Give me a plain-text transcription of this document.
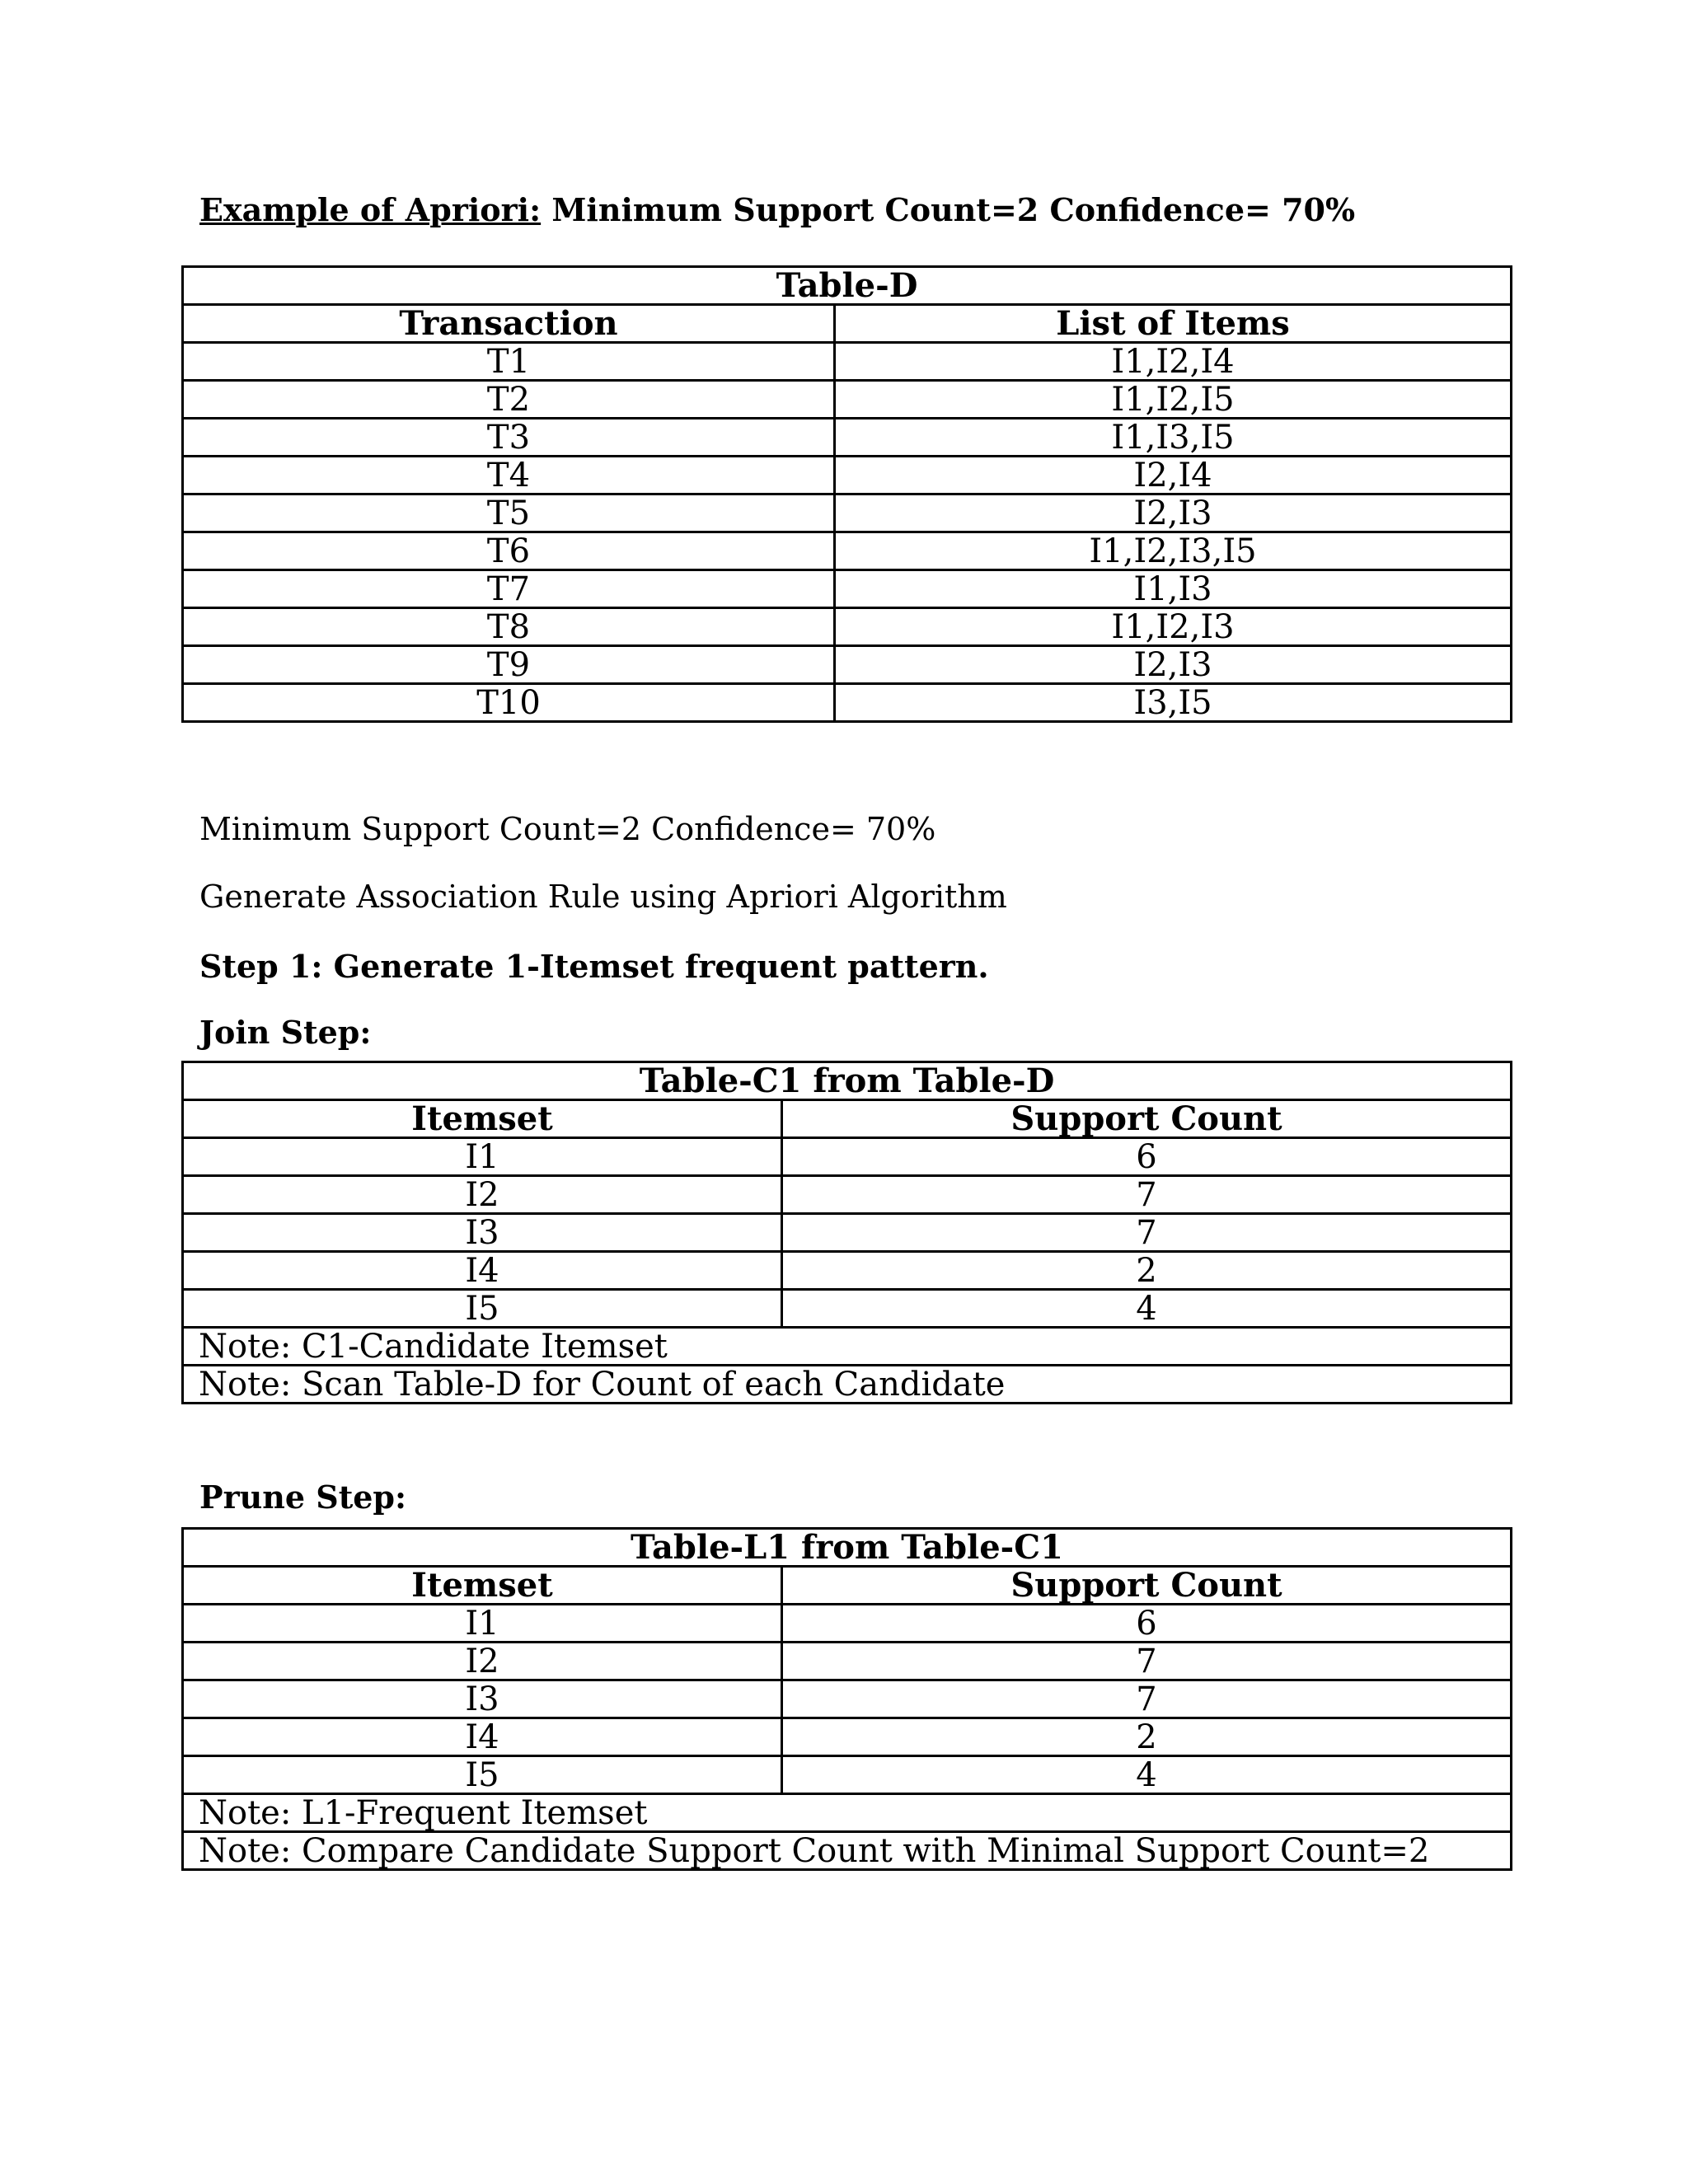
Example of Apriori: Minimum Support Count=2 Confidence= 70%
Table-D	
Transaction	List of Items
T1	I1,I2,I4
T2	I1,I2,I5
T3	I1,I3,I5
T4	I2,I4
T5	I2,I3
T6	I1,I2,I3,I5
T7	I1,I3
T8	I1,I2,I3
T9	I2,I3
T10	I3,I5
Minimum Support Count=2 Confidence= 70%
Generate Association Rule using Apriori Algorithm
Step 1: Generate 1-Itemset frequent pattern.
Join Step:
Table-C1 from Table-D	
Itemset	Support Count
I1	6
I2	7
I3	7
I4	2
I5	4
Note: C1-Candidate Itemset	
Note: Scan Table-D for Count of each Candidate	
Prune Step:
Table-L1 from Table-C1	
Itemset	Support Count
I1	6
I2	7
I3	7
I4	2
I5	4
Note: L1-Frequent Itemset	
Note: Compare Candidate Support Count with Minimal Support Count=2	
